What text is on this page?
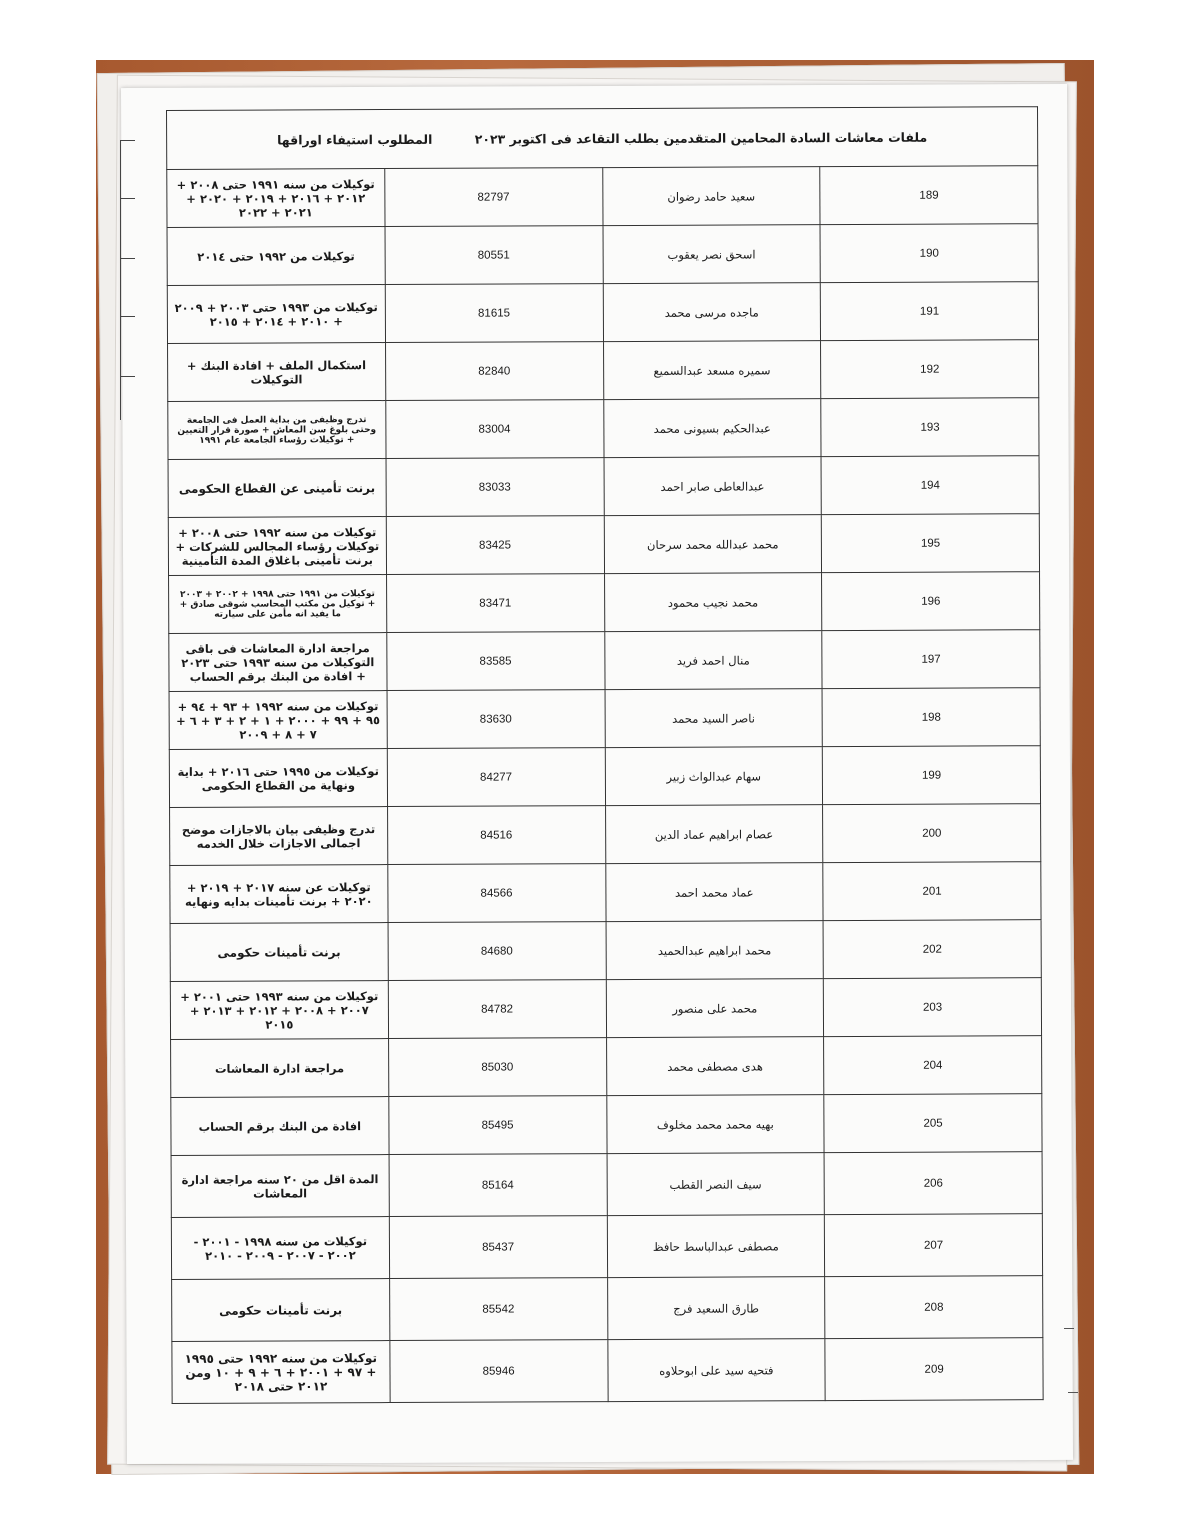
ملفات معاشات السادة المحامين المتقدمين بطلب التقاعد فى اكتوبر ٢٠٢٣ المطلوب استيفاء اوراقها			
189	سعيد حامد رضوان	82797	توكيلات من سنه ١٩٩١ حتى ٢٠٠٨ + ٢٠١٢ + ٢٠١٦ + ٢٠١٩ + ٢٠٢٠ + ٢٠٢١ + ٢٠٢٢
190	اسحق نصر يعقوب	80551	توكيلات من ١٩٩٢ حتى ٢٠١٤
191	ماجده مرسى محمد	81615	توكيلات من ١٩٩٣ حتى ٢٠٠٣ + ٢٠٠٩ + ٢٠١٠ + ٢٠١٤ + ٢٠١٥
192	سميره مسعد عبدالسميع	82840	استكمال الملف + افادة البنك + التوكيلات
193	عبدالحكيم بسيونى محمد	83004	تدرج وظيفى من بداية العمل فى الجامعة وحتى بلوغ سن المعاش + صورة قرار التعيين + توكيلات رؤساء الجامعة عام ١٩٩١
194	عبدالعاطى صابر احمد	83033	برنت تأمينى عن القطاع الحكومى
195	محمد عبدالله محمد سرحان	83425	توكيلات من سنه ١٩٩٢ حتى ٢٠٠٨ + توكيلات رؤساء المجالس للشركات + برنت تأمينى باغلاق المدة التأمينية
196	محمد نجيب محمود	83471	توكيلات من ١٩٩١ حتى ١٩٩٨ + ٢٠٠٢ + ٢٠٠٣ + توكيل من مكتب المحاسب شوقى صادق + ما يفيد انه مأمن على سيارته
197	منال احمد فريد	83585	مراجعة ادارة المعاشات فى باقى التوكيلات من سنه ١٩٩٣ حتى ٢٠٢٣ + افادة من البنك برقم الحساب
198	ناصر السيد محمد	83630	توكيلات من سنه ١٩٩٢ + ٩٣ + ٩٤ + ٩٥ + ٩٩ + ٢٠٠٠ + ١ + ٢ + ٣ + ٦ + ٧ + ٨ + ٢٠٠٩
199	سهام عبدالواث زبير	84277	توكيلات من ١٩٩٥ حتى ٢٠١٦ + بداية ونهاية من القطاع الحكومى
200	عصام ابراهيم عماد الدين	84516	تدرج وظيفى بيان بالاجازات موضح اجمالى الاجازات خلال الخدمه
201	عماد محمد احمد	84566	توكيلات عن سنه ٢٠١٧ + ٢٠١٩ + ٢٠٢٠ + برنت تأمينات بدايه ونهايه
202	محمد ابراهيم عبدالحميد	84680	برنت تأمينات حكومى
203	محمد على منصور	84782	توكيلات من سنه ١٩٩٣ حتى ٢٠٠١ + ٢٠٠٧ + ٢٠٠٨ + ٢٠١٢ + ٢٠١٣ + ٢٠١٥
204	هدى مصطفى محمد	85030	مراجعة ادارة المعاشات
205	بهيه محمد محمد مخلوف	85495	افادة من البنك برقم الحساب
206	سيف النصر القطب	85164	المدة اقل من ٢٠ سنه مراجعة ادارة المعاشات
207	مصطفى عبدالباسط حافظ	85437	توكيلات من سنه ١٩٩٨ - ٢٠٠١ - ٢٠٠٢ - ٢٠٠٧ - ٢٠٠٩ - ٢٠١٠
208	طارق السعيد فرج	85542	برنت تأمينات حكومى
209	فتحيه سيد على ابوحلاوه	85946	توكيلات من سنه ١٩٩٢ حتى ١٩٩٥ + ٩٧ + ٢٠٠١ + ٦ + ٩ + ١٠ ومن ٢٠١٢ حتى ٢٠١٨
